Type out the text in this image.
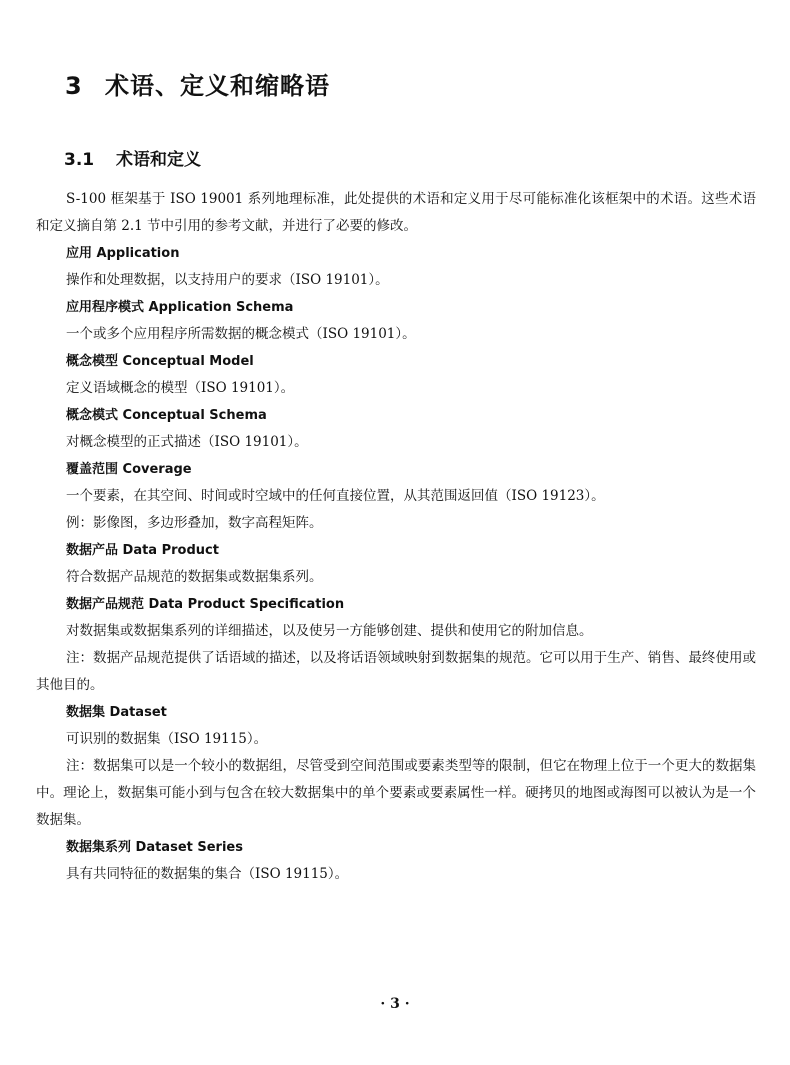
3 术语、定义和缩略语
3.1 术语和定义

S-100 框架基于 ISO 19001 系列地理标准，此处提供的术语和定义用于尽可能标准化该框架中的术语。这些术语和定义摘自第 2.1 节中引用的参考文献，并进行了必要的修改。

应用 Application

操作和处理数据，以支持用户的要求（ISO 19101）。

应用程序模式 Application Schema

一个或多个应用程序所需数据的概念模式（ISO 19101）。

概念模型 Conceptual Model

定义语域概念的模型（ISO 19101）。

概念模式 Conceptual Schema

对概念模型的正式描述（ISO 19101）。

覆盖范围 Coverage

一个要素，在其空间、时间或时空域中的任何直接位置，从其范围返回值（ISO 19123）。

例：影像图，多边形叠加，数字高程矩阵。

数据产品 Data Product

符合数据产品规范的数据集或数据集系列。

数据产品规范 Data Product Specification

对数据集或数据集系列的详细描述，以及使另一方能够创建、提供和使用它的附加信息。

注：数据产品规范提供了话语域的描述，以及将话语领域映射到数据集的规范。它可以用于生产、销售、最终使用或其他目的。

数据集 Dataset

可识别的数据集（ISO 19115）。

注：数据集可以是一个较小的数据组，尽管受到空间范围或要素类型等的限制，但它在物理上位于一个更大的数据集中。理论上，数据集可能小到与包含在较大数据集中的单个要素或要素属性一样。硬拷贝的地图或海图可以被认为是一个数据集。

数据集系列 Dataset Series

具有共同特征的数据集的集合（ISO 19115）。

· 3 ·
